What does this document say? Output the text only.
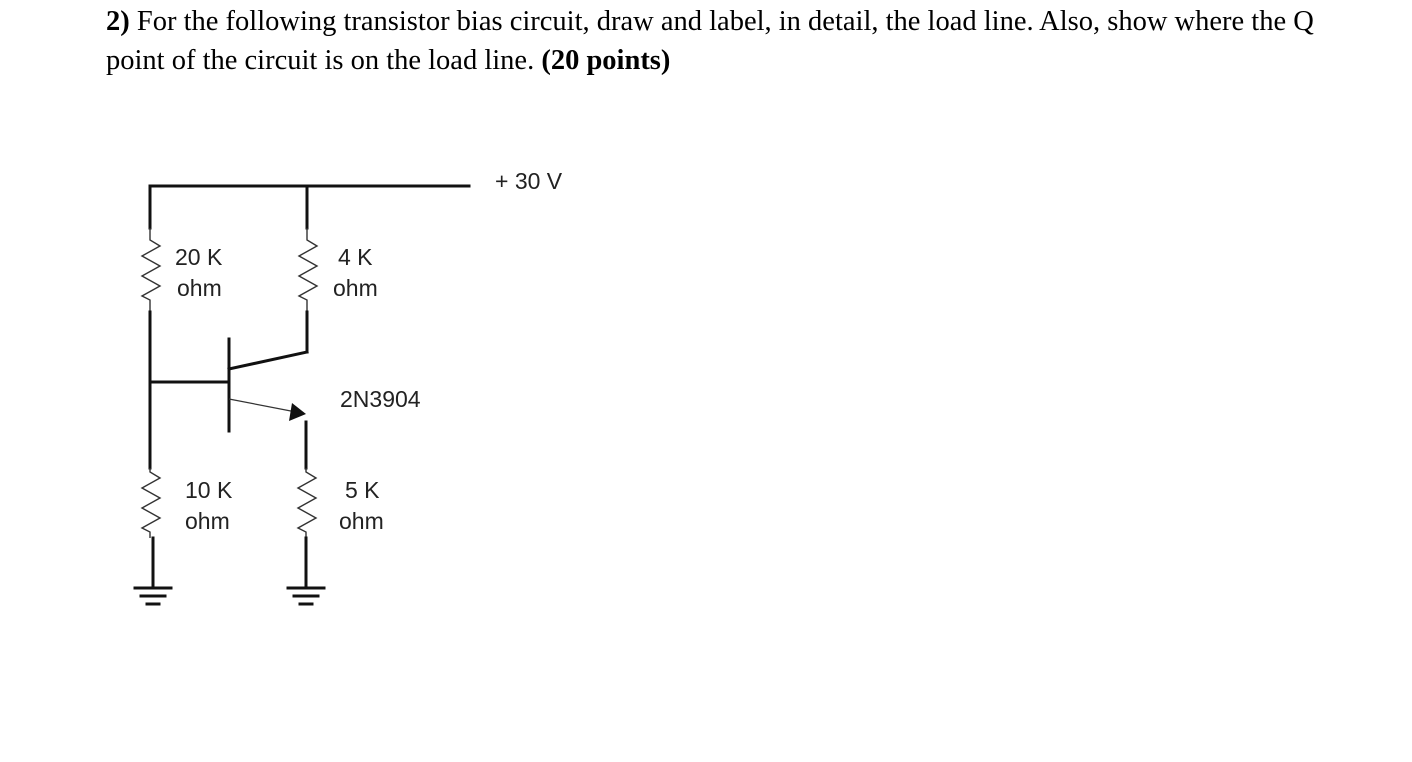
2) For the following transistor bias circuit, draw and label, in detail, the load line. Also, show where the Q point of the circuit is on the load line. (20 points)

+ 30 V
20 K
ohm
4 K
ohm
2N3904
10 K
ohm
5 K
ohm
